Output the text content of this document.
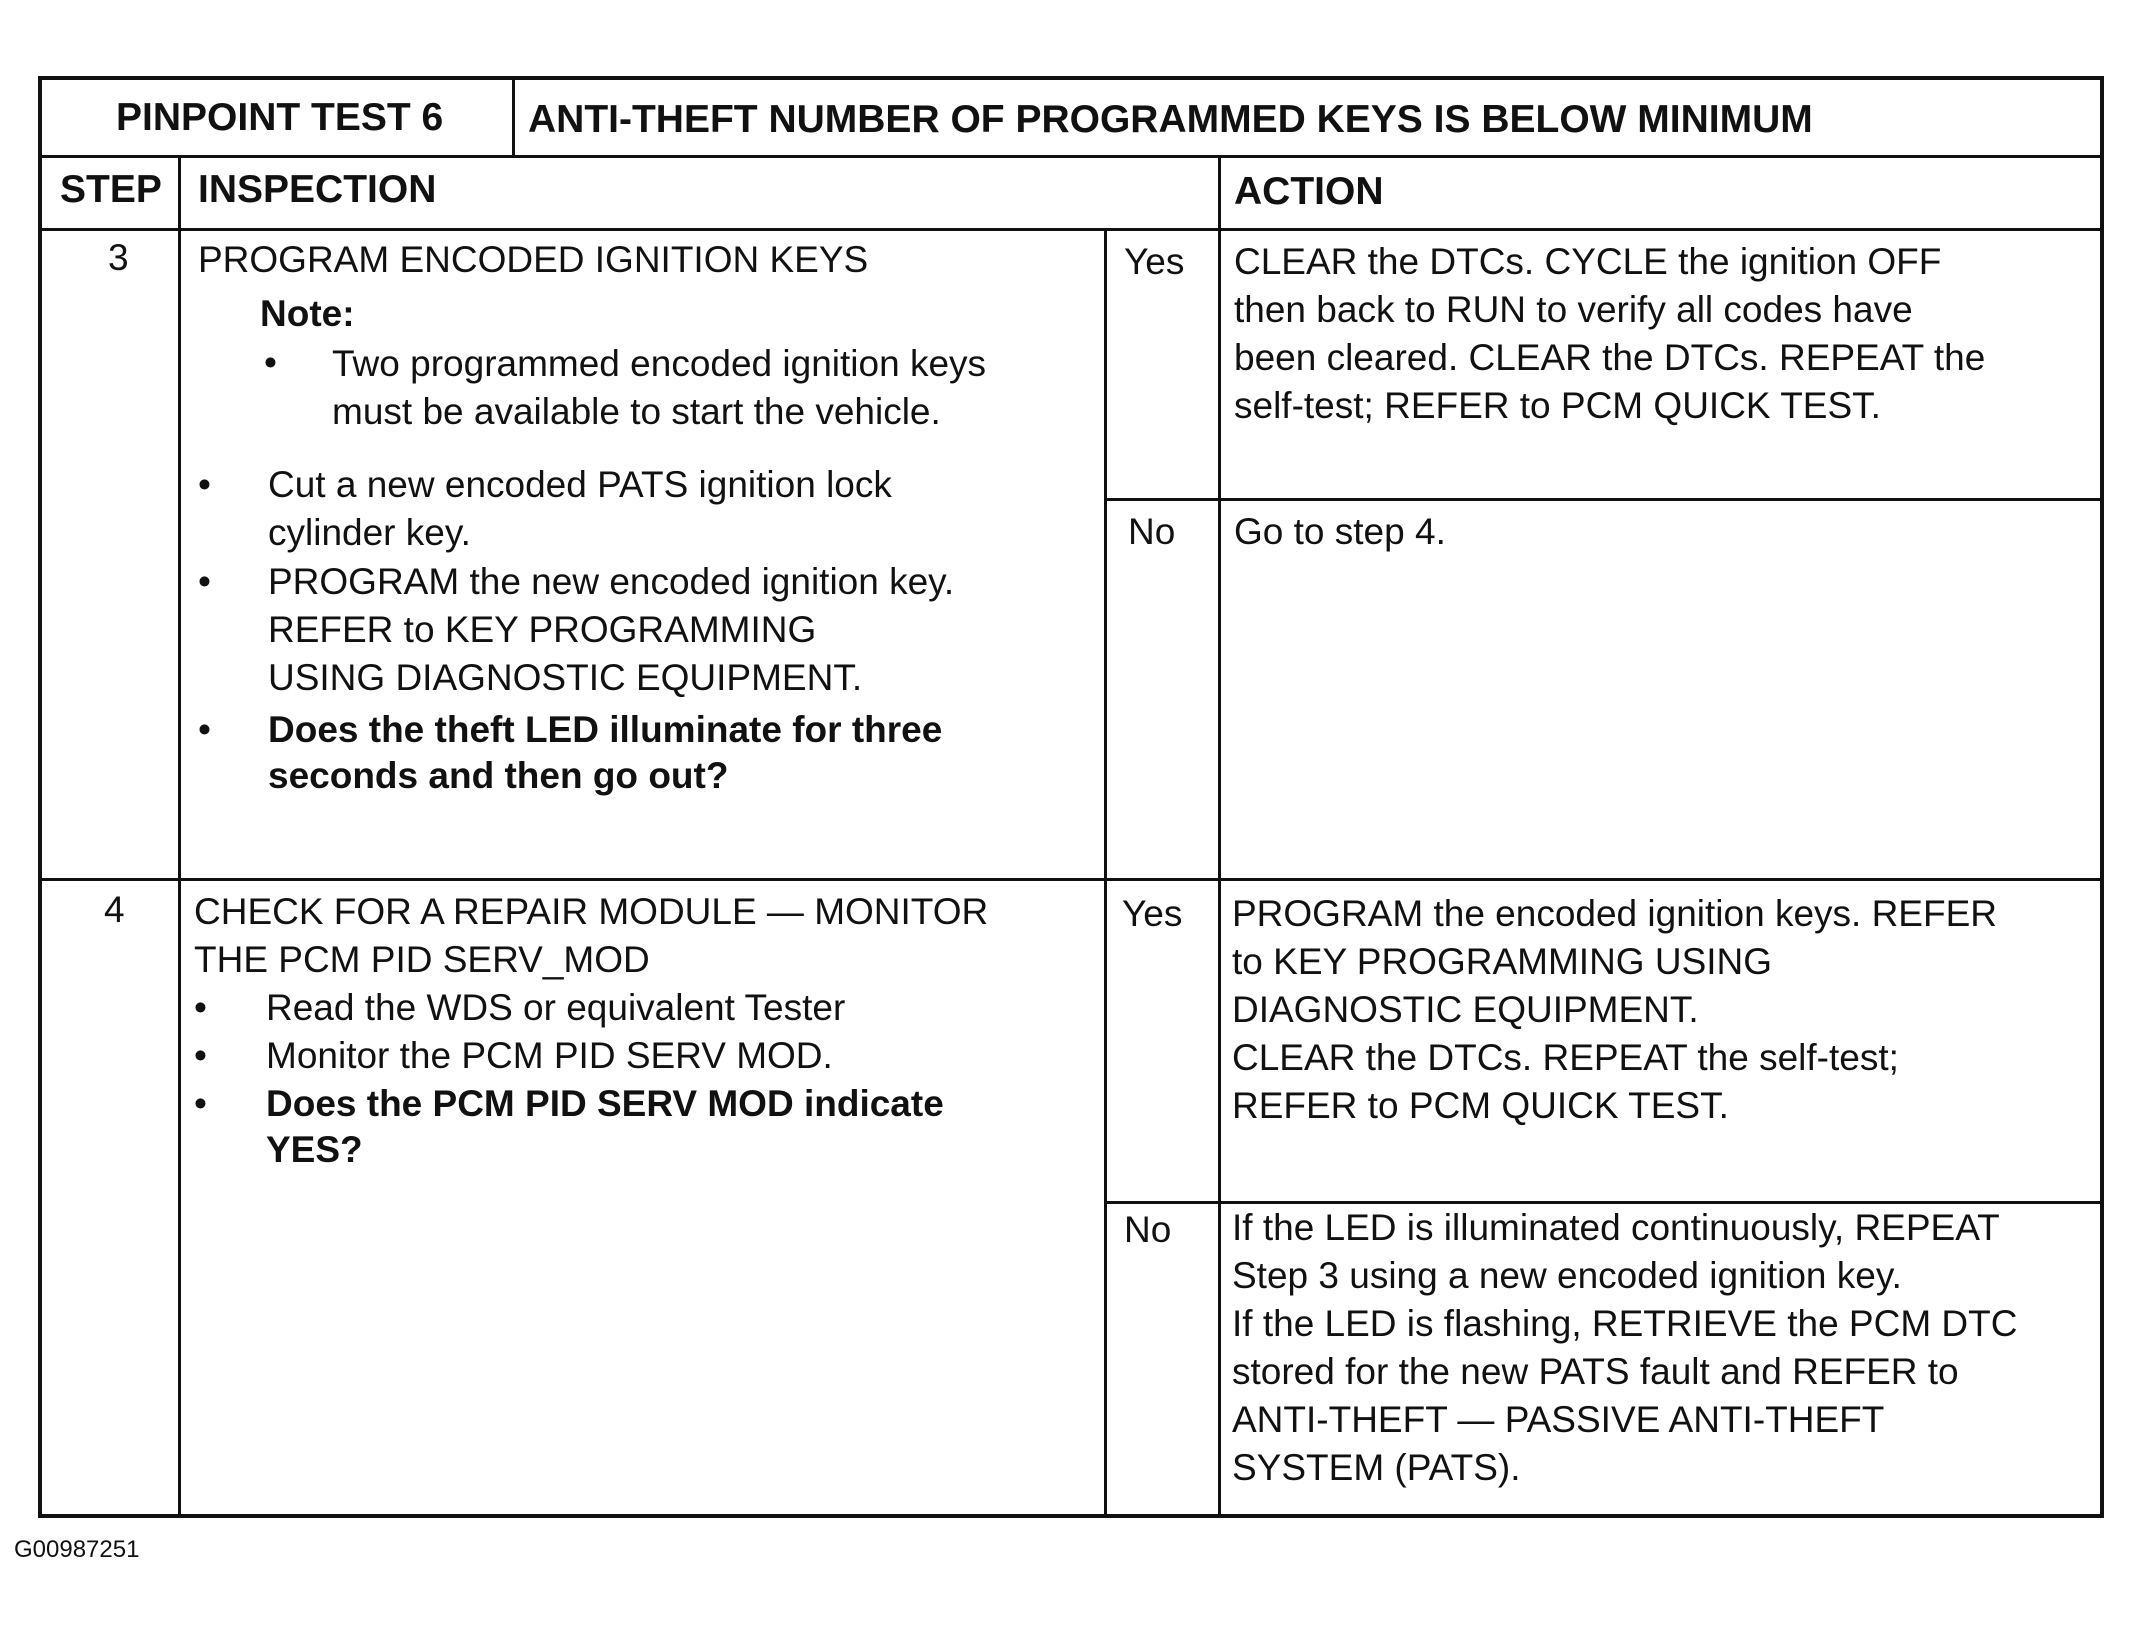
PINPOINT TEST 6 ANTI-THEFT NUMBER OF PROGRAMMED KEYS IS BELOW MINIMUM
STEP INSPECTION	ACTION
3 PROGRAM ENCODED IGNITION KEYS
Note:
• Two programmed encoded ignition keys
must be available to start the vehicle.
• Cut a new encoded PATS ignition lock
cylinder key.
• PROGRAM the new encoded ignition key.
REFER to KEY PROGRAMMING
USING DIAGNOSTIC EQUIPMENT.
• Does the theft LED illuminate for three
seconds and then go out?
Yes CLEAR the DTCs. CYCLE the ignition OFF
then back to RUN to verify all codes have
been cleared. CLEAR the DTCs. REPEAT the
self-test; REFER to PCM QUICK TEST.
No Go to step 4.
4 CHECK FOR A REPAIR MODULE — MONITOR
THE PCM PID SERV_MOD
• Read the WDS or equivalent Tester
• Monitor the PCM PID SERV MOD.
• Does the PCM PID SERV MOD indicate
YES?
Yes PROGRAM the encoded ignition keys. REFER
to KEY PROGRAMMING USING
DIAGNOSTIC EQUIPMENT.
CLEAR the DTCs. REPEAT the self-test;
REFER to PCM QUICK TEST.
No If the LED is illuminated continuously, REPEAT
Step 3 using a new encoded ignition key.
If the LED is flashing, RETRIEVE the PCM DTC
stored for the new PATS fault and REFER to
ANTI-THEFT — PASSIVE ANTI-THEFT
SYSTEM (PATS).
G00987251
